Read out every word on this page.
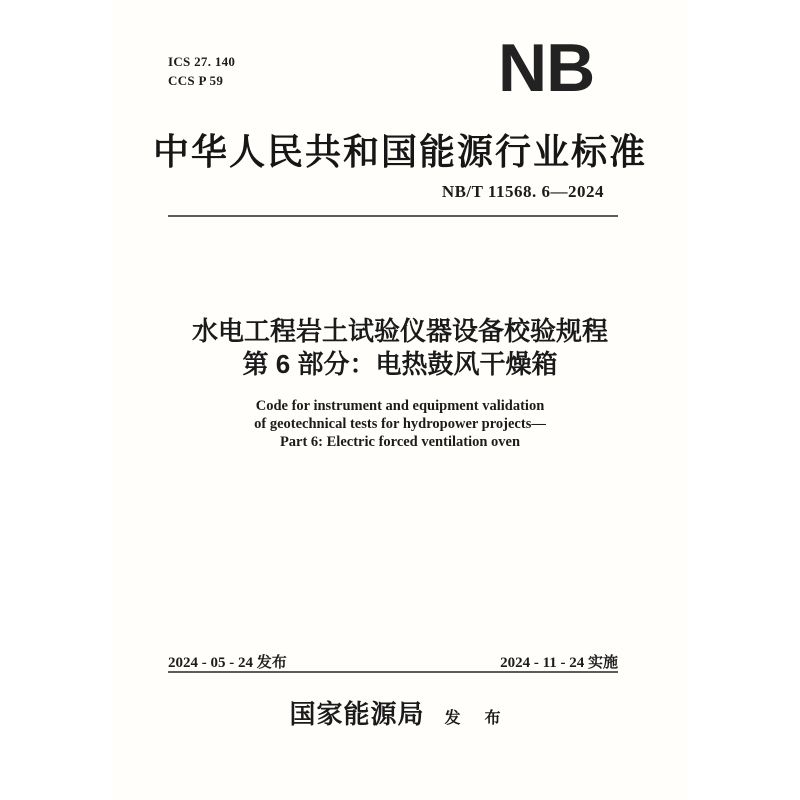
ICS 27. 140
CCS P 59	NB
中华人民共和国能源行业标准
NB/T 11568. 6—2024
水电工程岩土试验仪器设备校验规程
第 6 部分：电热鼓风干燥箱
Code for instrument and equipment validation
of geotechnical tests for hydropower projects—
Part 6: Electric forced ventilation oven
2024 - 05 - 24 发布	2024 - 11 - 24 实施
国家能源局 发 布
